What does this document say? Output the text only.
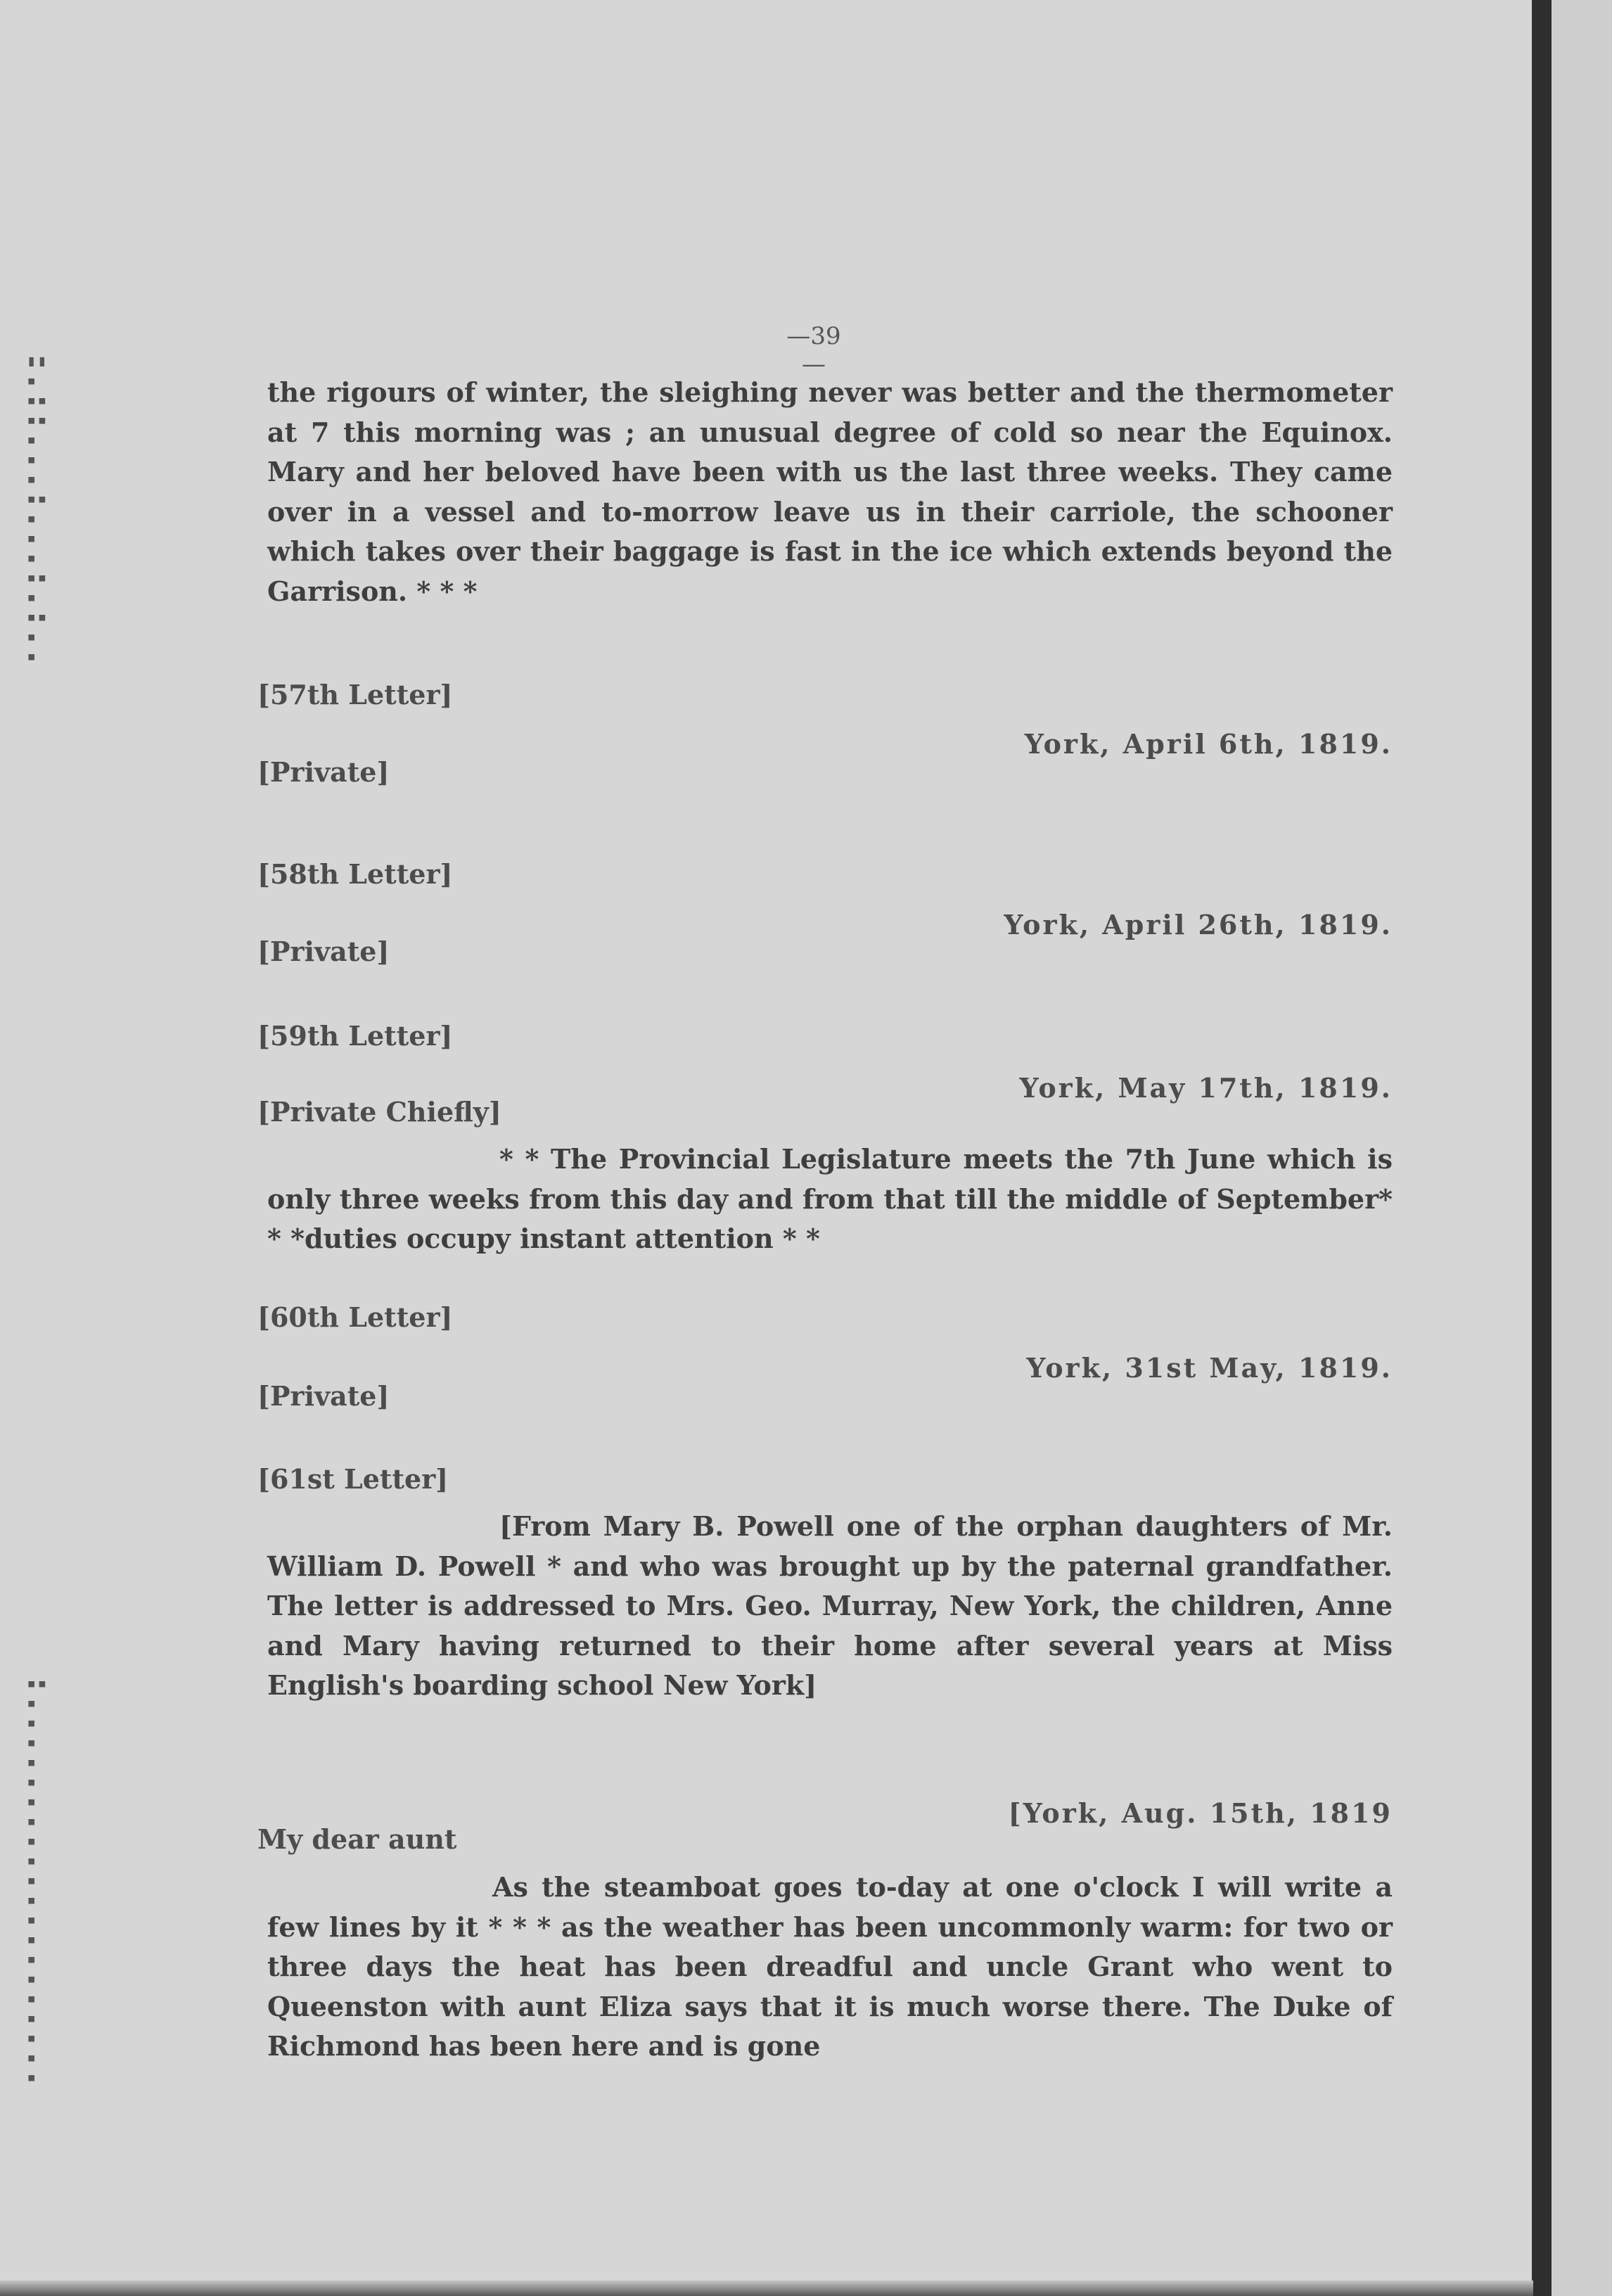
▮▮
▪
▪▪
▪▪
▪
▪
▪
▪▪
▪
▪
▪
▪▪
▪
▪▪
▪
▪
▪▪
▪
▪
▪
▪
▪
▪
▪
▪
▪
▪
▪
▪
▪
▪
▪
▪
▪
▪
▪
▪
—39—

the rigours of winter, the sleighing never was better and the thermometer at 7 this morning was ; an unusual degree of cold so near the Equinox. Mary and her beloved have been with us the last three weeks. They came over in a vessel and to-morrow leave us in their carriole, the schooner which takes over their baggage is fast in the ice which extends beyond the Garrison. * * *

[57th Letter]

York, April 6th, 1819.

[Private]

[58th Letter]

York, April 26th, 1819.

[Private]

[59th Letter]

York, May 17th, 1819.

[Private Chiefly]

* * The Provincial Legislature meets the 7th June which is only three weeks from this day and from that till the middle of September* * *duties occupy instant attention * *

[60th Letter]

York, 31st May, 1819.

[Private]

[61st Letter]

[From Mary B. Powell one of the orphan daughters of Mr. William D. Powell * and who was brought up by the paternal grandfather. The letter is addressed to Mrs. Geo. Murray, New York, the children, Anne and Mary having returned to their home after several years at Miss English's boarding school New York]

[York, Aug. 15th, 1819

My dear aunt

As the steamboat goes to-day at one o'clock I will write a few lines by it * * * as the weather has been uncommonly warm: for two or three days the heat has been dreadful and uncle Grant who went to Queenston with aunt Eliza says that it is much worse there. The Duke of Richmond has been here and is gone
